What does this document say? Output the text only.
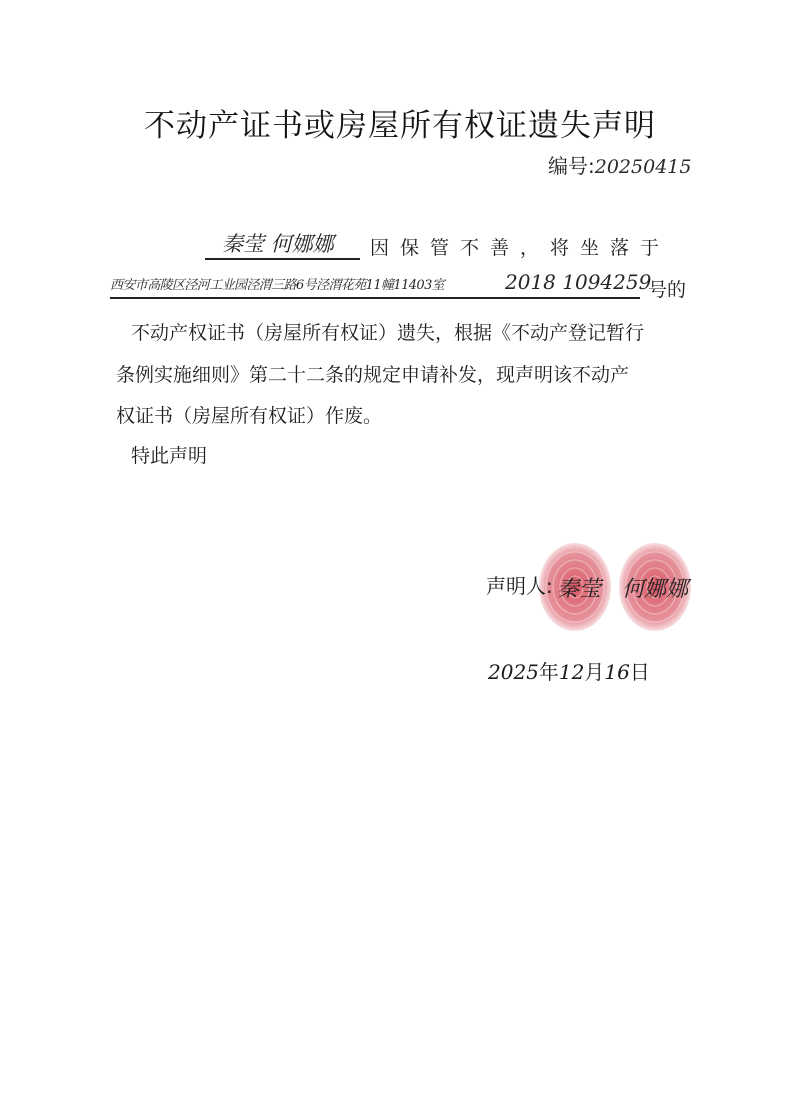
不动产证书或房屋所有权证遗失声明
编号:20250415
秦莹 何娜娜 因保管不善，将坐落于
西安市高陵区泾河工业园泾渭三路6号泾渭花苑11幢11403室	2018 1094259
号的
不动产权证书（房屋所有权证）遗失，根据《不动产登记暂行
条例实施细则》第二十二条的规定申请补发，现声明该不动产
权证书（房屋所有权证）作废。
特此声明
声明人: 秦莹 何娜娜
2025年12月16日
